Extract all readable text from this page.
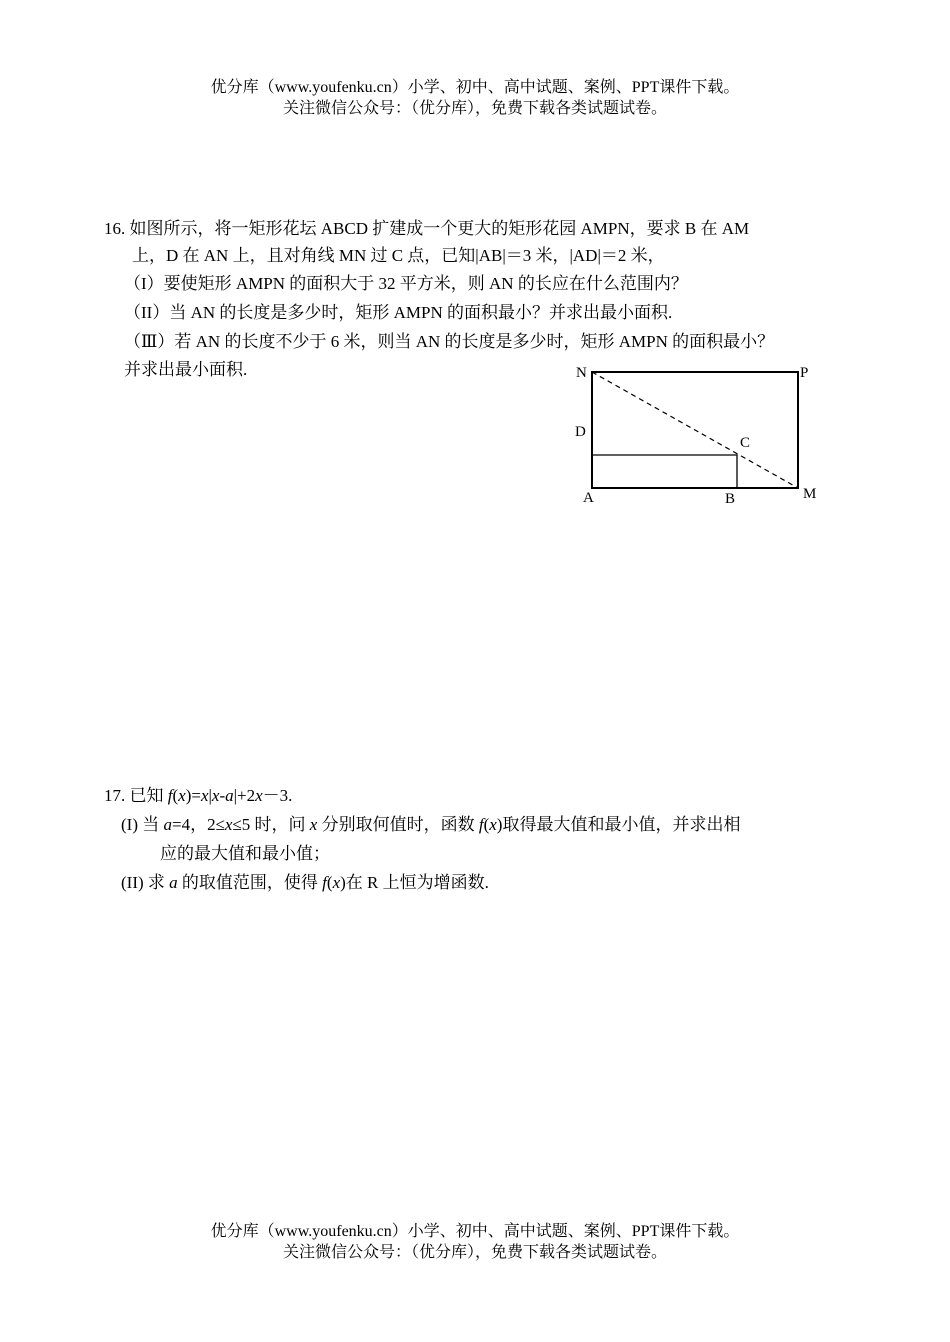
优分库（www.youfenku.cn）小学、初中、高中试题、案例、PPT课件下载。
关注微信公众号：（优分库），免费下载各类试题试卷。
16. 如图所示，将一矩形花坛 ABCD 扩建成一个更大的矩形花园 AMPN，要求 B 在 AM
上，D 在 AN 上，且对角线 MN 过 C 点，已知|AB|＝3 米，|AD|＝2 米，
（I）要使矩形 AMPN 的面积大于 32 平方米，则 AN 的长应在什么范围内？
（II）当 AN 的长度是多少时，矩形 AMPN 的面积最小？并求出最小面积.
（Ⅲ）若 AN 的长度不少于 6 米，则当 AN 的长度是多少时，矩形 AMPN 的面积最小？
并求出最小面积.	N	P
D
C
A	B	M
17. 已知 f(x)=x|x-a|+2x－3.
(I) 当 a=4，2≤x≤5 时，问 x 分别取何值时，函数 f(x)取得最大值和最小值，并求出相
应的最大值和最小值；
(II) 求 a 的取值范围，使得 f(x)在 R 上恒为增函数.
优分库（www.youfenku.cn）小学、初中、高中试题、案例、PPT课件下载。
关注微信公众号：（优分库），免费下载各类试题试卷。
